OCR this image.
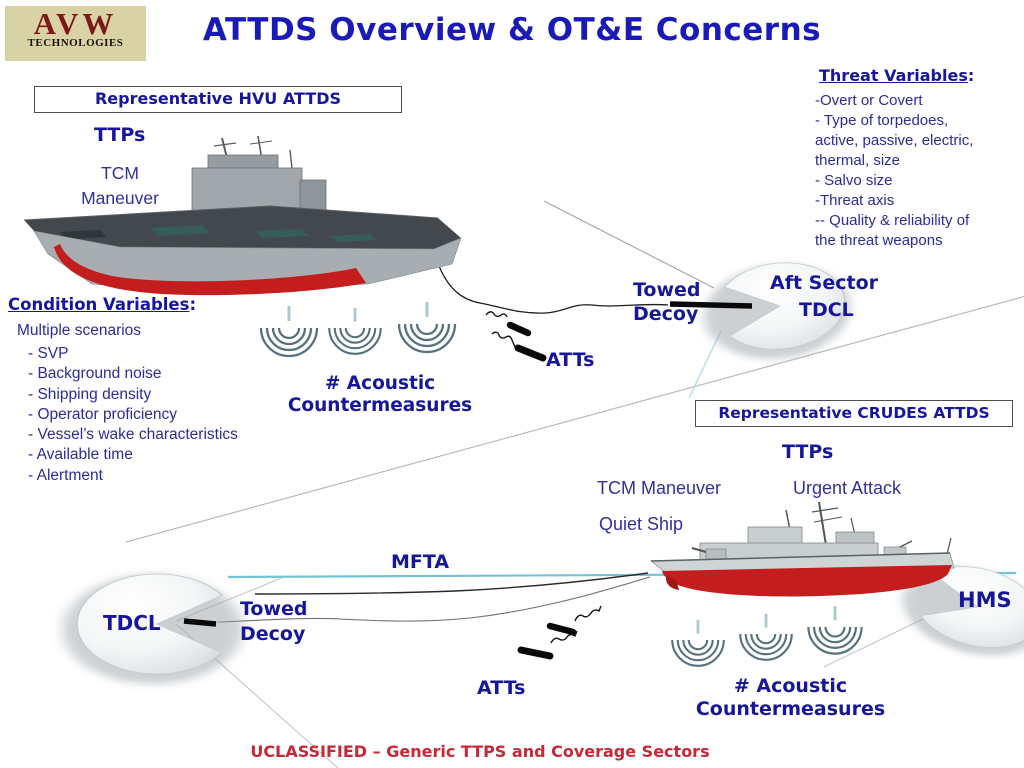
AVW
TECHNOLOGIES	ATTDS Overview & OT&E Concerns
Threat Variables:
-Overt or Covert
- Type of torpedoes,
active, passive, electric,
thermal, size
- Salvo size
-Threat axis
-- Quality & reliability of
the threat weapons
Representative HVU ATTDS
TTPs
TCM
Maneuver
Condition Variables:
Multiple scenarios
- SVP
- Background noise
- Shipping density
- Operator proficiency
- Vessel’s wake characteristics
- Available time
- Alertment
# Acoustic
Countermeasures
ATTs
Towed
Decoy
Aft Sector
TDCL
Representative CRUDES ATTDS
TTPs
TCM Maneuver	Urgent Attack
Quiet Ship
MFTA
Towed
Decoy
TDCL
ATTs	# Acoustic
Countermeasures
HMS
UCLASSIFIED – Generic TTPS and Coverage Sectors
